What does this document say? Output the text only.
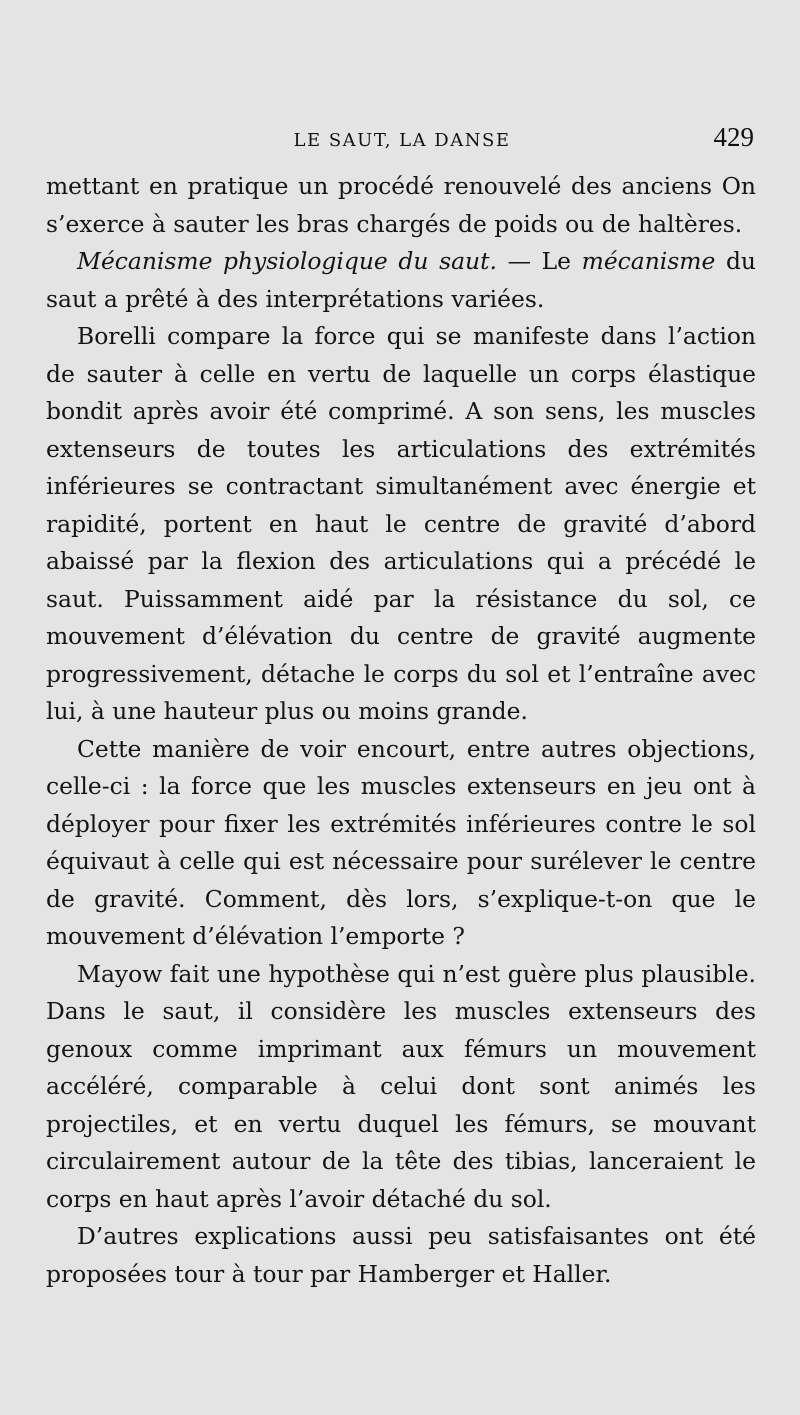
LE SAUT, LA DANSE	429

mettant en pratique un procédé renouvelé des anciens On s’exerce à sauter les bras chargés de poids ou de haltères.

Mécanisme physiologique du saut. — Le mécanisme du saut a prêté à des interprétations variées.

Borelli compare la force qui se manifeste dans l’action de sauter à celle en vertu de laquelle un corps élastique bondit après avoir été comprimé. A son sens, les muscles extenseurs de toutes les articulations des extrémités inférieures se contractant simultanément avec énergie et rapidité, portent en haut le centre de gravité d’abord abaissé par la flexion des articulations qui a précédé le saut. Puissamment aidé par la résistance du sol, ce mouvement d’élévation du centre de gravité augmente progressivement, détache le corps du sol et l’entraîne avec lui, à une hauteur plus ou moins grande.

Cette manière de voir encourt, entre autres objections, celle-ci : la force que les muscles extenseurs en jeu ont à déployer pour fixer les extrémités inférieures contre le sol équivaut à celle qui est nécessaire pour surélever le centre de gravité. Comment, dès lors, s’explique-t-on que le mouvement d’élévation l’emporte ?

Mayow fait une hypothèse qui n’est guère plus plausible. Dans le saut, il considère les muscles extenseurs des genoux comme imprimant aux fémurs un mouvement accéléré, comparable à celui dont sont animés les projectiles, et en vertu duquel les fémurs, se mouvant circulairement autour de la tête des tibias, lanceraient le corps en haut après l’avoir détaché du sol.

D’autres explications aussi peu satisfaisantes ont été proposées tour à tour par Hamberger et Haller.
